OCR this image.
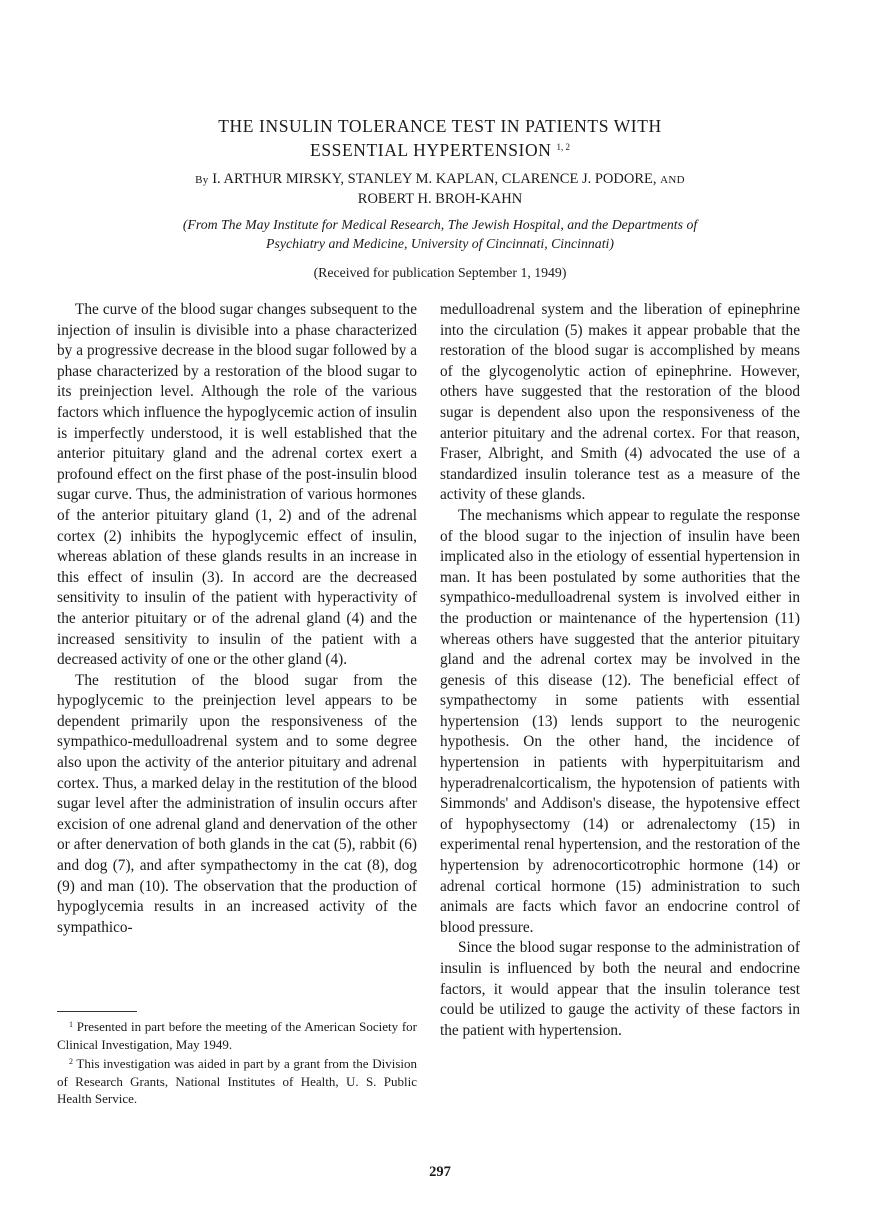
THE INSULIN TOLERANCE TEST IN PATIENTS WITH
ESSENTIAL HYPERTENSION $^{1, 2}$
By I. ARTHUR MIRSKY, STANLEY M. KAPLAN, CLARENCE J. PODORE, AND
ROBERT H. BROH-KAHN
(From The May Institute for Medical Research, The Jewish Hospital, and the Departments of
Psychiatry and Medicine, University of Cincinnati, Cincinnati)
(Received for publication September 1, 1949)

The curve of the blood sugar changes subsequent to the injection of insulin is divisible into a phase characterized by a progressive decrease in the blood sugar followed by a phase characterized by a restoration of the blood sugar to its preinjection level. Although the role of the various factors which influence the hypoglycemic action of insulin is imperfectly understood, it is well established that the anterior pituitary gland and the adrenal cortex exert a profound effect on the first phase of the post-insulin blood sugar curve. Thus, the administration of various hormones of the anterior pituitary gland (1, 2) and of the adrenal cortex (2) inhibits the hypoglycemic effect of insulin, whereas ablation of these glands results in an increase in this effect of insulin (3). In accord are the decreased sensitivity to insulin of the patient with hyperactivity of the anterior pituitary or of the adrenal gland (4) and the increased sensitivity to insulin of the patient with a decreased activity of one or the other gland (4).

The restitution of the blood sugar from the hypoglycemic to the preinjection level appears to be dependent primarily upon the responsiveness of the sympathico-medulloadrenal system and to some degree also upon the activity of the anterior pituitary and adrenal cortex. Thus, a marked delay in the restitution of the blood sugar level after the administration of insulin occurs after excision of one adrenal gland and denervation of the other or after denervation of both glands in the cat (5), rabbit (6) and dog (7), and after sympathectomy in the cat (8), dog (9) and man (10). The observation that the production of hypoglycemia results in an increased activity of the sympathico-

medulloadrenal system and the liberation of epinephrine into the circulation (5) makes it appear probable that the restoration of the blood sugar is accomplished by means of the glycogenolytic action of epinephrine. However, others have suggested that the restoration of the blood sugar is dependent also upon the responsiveness of the anterior pituitary and the adrenal cortex. For that reason, Fraser, Albright, and Smith (4) advocated the use of a standardized insulin tolerance test as a measure of the activity of these glands.

The mechanisms which appear to regulate the response of the blood sugar to the injection of insulin have been implicated also in the etiology of essential hypertension in man. It has been postulated by some authorities that the sympathico-medulloadrenal system is involved either in the production or maintenance of the hypertension (11) whereas others have suggested that the anterior pituitary gland and the adrenal cortex may be involved in the genesis of this disease (12). The beneficial effect of sympathectomy in some patients with essential hypertension (13) lends support to the neurogenic hypothesis. On the other hand, the incidence of hypertension in patients with hyperpituitarism and hyperadrenalcorticalism, the hypotension of patients with Simmonds' and Addison's disease, the hypotensive effect of hypophysectomy (14) or adrenalectomy (15) in experimental renal hypertension, and the restoration of the hypertension by adrenocorticotrophic hormone (14) or adrenal cortical hormone (15) administration to such animals are facts which favor an endocrine control of blood pressure.

Since the blood sugar response to the administration of insulin is influenced by both the neural and endocrine factors, it would appear that the insulin tolerance test could be utilized to gauge the activity of these factors in the patient with hypertension.

$^1$ Presented in part before the meeting of the American Society for Clinical Investigation, May 1949.

$^2$ This investigation was aided in part by a grant from the Division of Research Grants, National Institutes of Health, U. S. Public Health Service.

297
